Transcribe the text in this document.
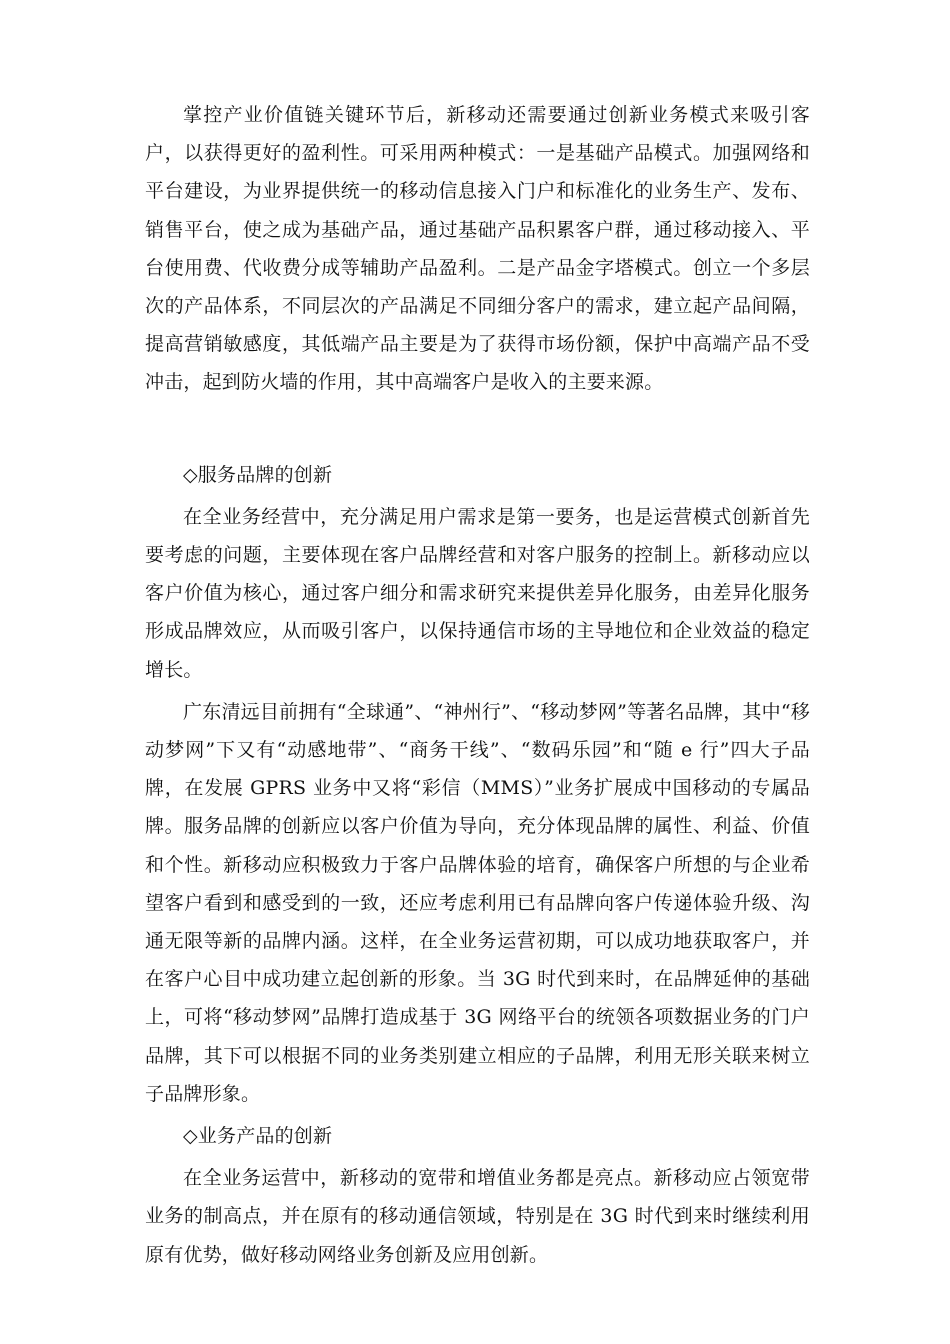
掌控产业价值链关键环节后，新移动还需要通过创新业务模式来吸引客户，以获得更好的盈利性。可采用两种模式：一是基础产品模式。加强网络和平台建设，为业界提供统一的移动信息接入门户和标准化的业务生产、发布、销售平台，使之成为基础产品，通过基础产品积累客户群，通过移动接入、平台使用费、代收费分成等辅助产品盈利。二是产品金字塔模式。创立一个多层次的产品体系，不同层次的产品满足不同细分客户的需求，建立起产品间隔，提高营销敏感度，其低端产品主要是为了获得市场份额，保护中高端产品不受冲击，起到防火墙的作用，其中高端客户是收入的主要来源。

◇服务品牌的创新

在全业务经营中，充分满足用户需求是第一要务，也是运营模式创新首先要考虑的问题，主要体现在客户品牌经营和对客户服务的控制上。新移动应以客户价值为核心，通过客户细分和需求研究来提供差异化服务，由差异化服务形成品牌效应，从而吸引客户，以保持通信市场的主导地位和企业效益的稳定增长。

广东清远目前拥有“全球通”、“神州行”、“移动梦网”等著名品牌，其中“移动梦网”下又有“动感地带”、“商务干线”、“数码乐园”和“随 e 行”四大子品牌，在发展 GPRS 业务中又将“彩信（MMS）”业务扩展成中国移动的专属品牌。服务品牌的创新应以客户价值为导向，充分体现品牌的属性、利益、价值和个性。新移动应积极致力于客户品牌体验的培育，确保客户所想的与企业希望客户看到和感受到的一致，还应考虑利用已有品牌向客户传递体验升级、沟通无限等新的品牌内涵。这样，在全业务运营初期，可以成功地获取客户，并在客户心目中成功建立起创新的形象。当 3G 时代到来时，在品牌延伸的基础上，可将“移动梦网”品牌打造成基于 3G 网络平台的统领各项数据业务的门户品牌，其下可以根据不同的业务类别建立相应的子品牌，利用无形关联来树立子品牌形象。

◇业务产品的创新

在全业务运营中，新移动的宽带和增值业务都是亮点。新移动应占领宽带业务的制高点，并在原有的移动通信领域，特别是在 3G 时代到来时继续利用原有优势，做好移动网络业务创新及应用创新。
